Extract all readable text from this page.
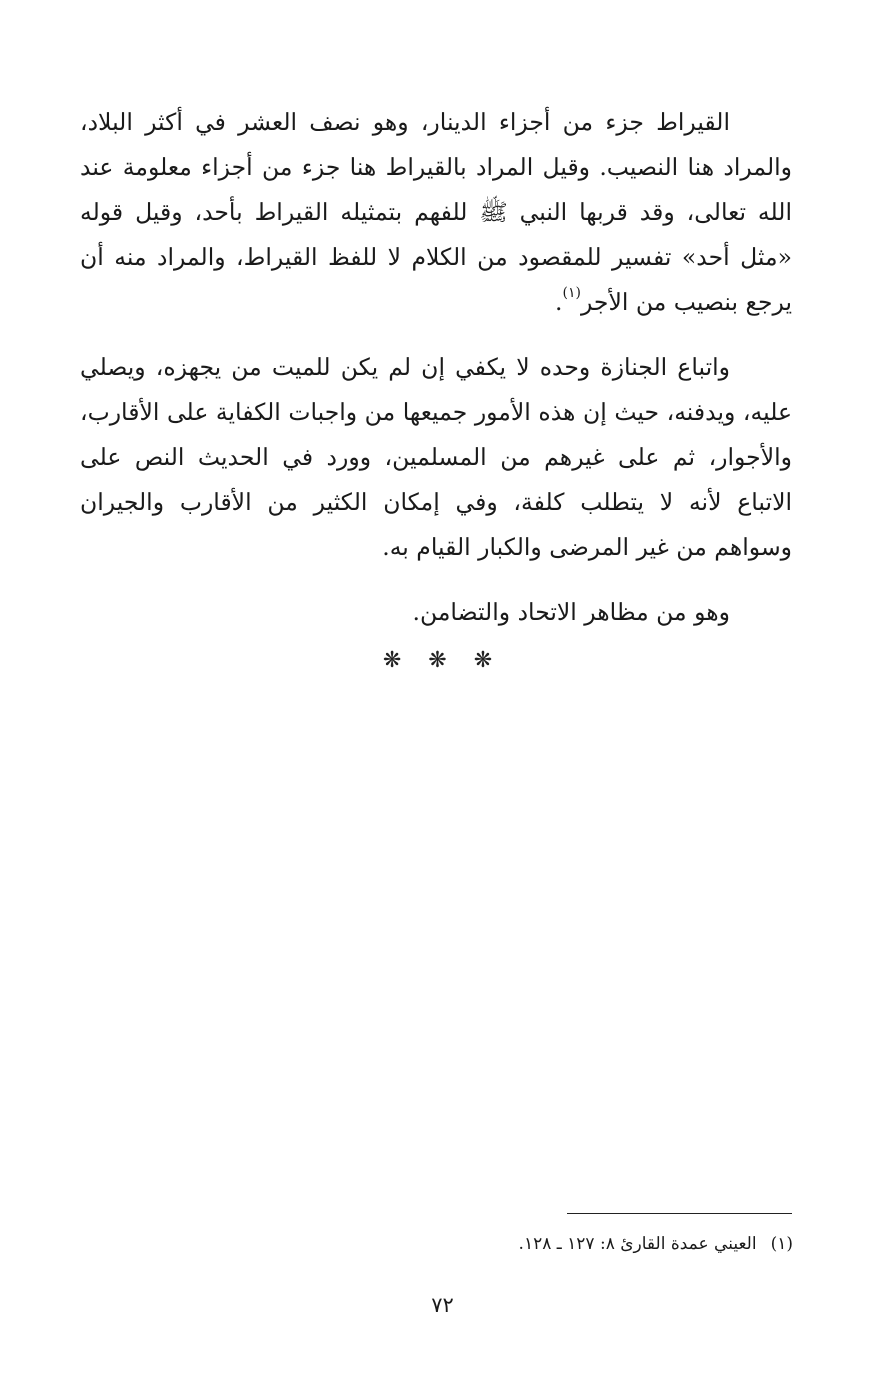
القيراط جزء من أجزاء الدينار، وهو نصف العشر في أكثر البلاد، والمراد هنا النصيب. وقيل المراد بالقيراط هنا جزء من أجزاء معلومة عند الله تعالى، وقد قربها النبي ﷺ للفهم بتمثيله القيراط بأحد، وقيل قوله «مثل أحد» تفسير للمقصود من الكلام لا للفظ القيراط، والمراد منه أن يرجع بنصيب من الأجر$^{(١)}$.

واتباع الجنازة وحده لا يكفي إن لم يكن للميت من يجهزه، ويصلي عليه، ويدفنه، حيث إن هذه الأمور جميعها من واجبات الكفاية على الأقارب، والأجوار، ثم على غيرهم من المسلمين، وورد في الحديث النص على الاتباع لأنه لا يتطلب كلفة، وفي إمكان الكثير من الأقارب والجيران وسواهم من غير المرضى والكبار القيام به.

وهو من مظاهر الاتحاد والتضامن.

❋ ❋ ❋
(١)العيني عمدة القارئ ٨: ١٢٧ ـ ١٢٨.
٧٢
